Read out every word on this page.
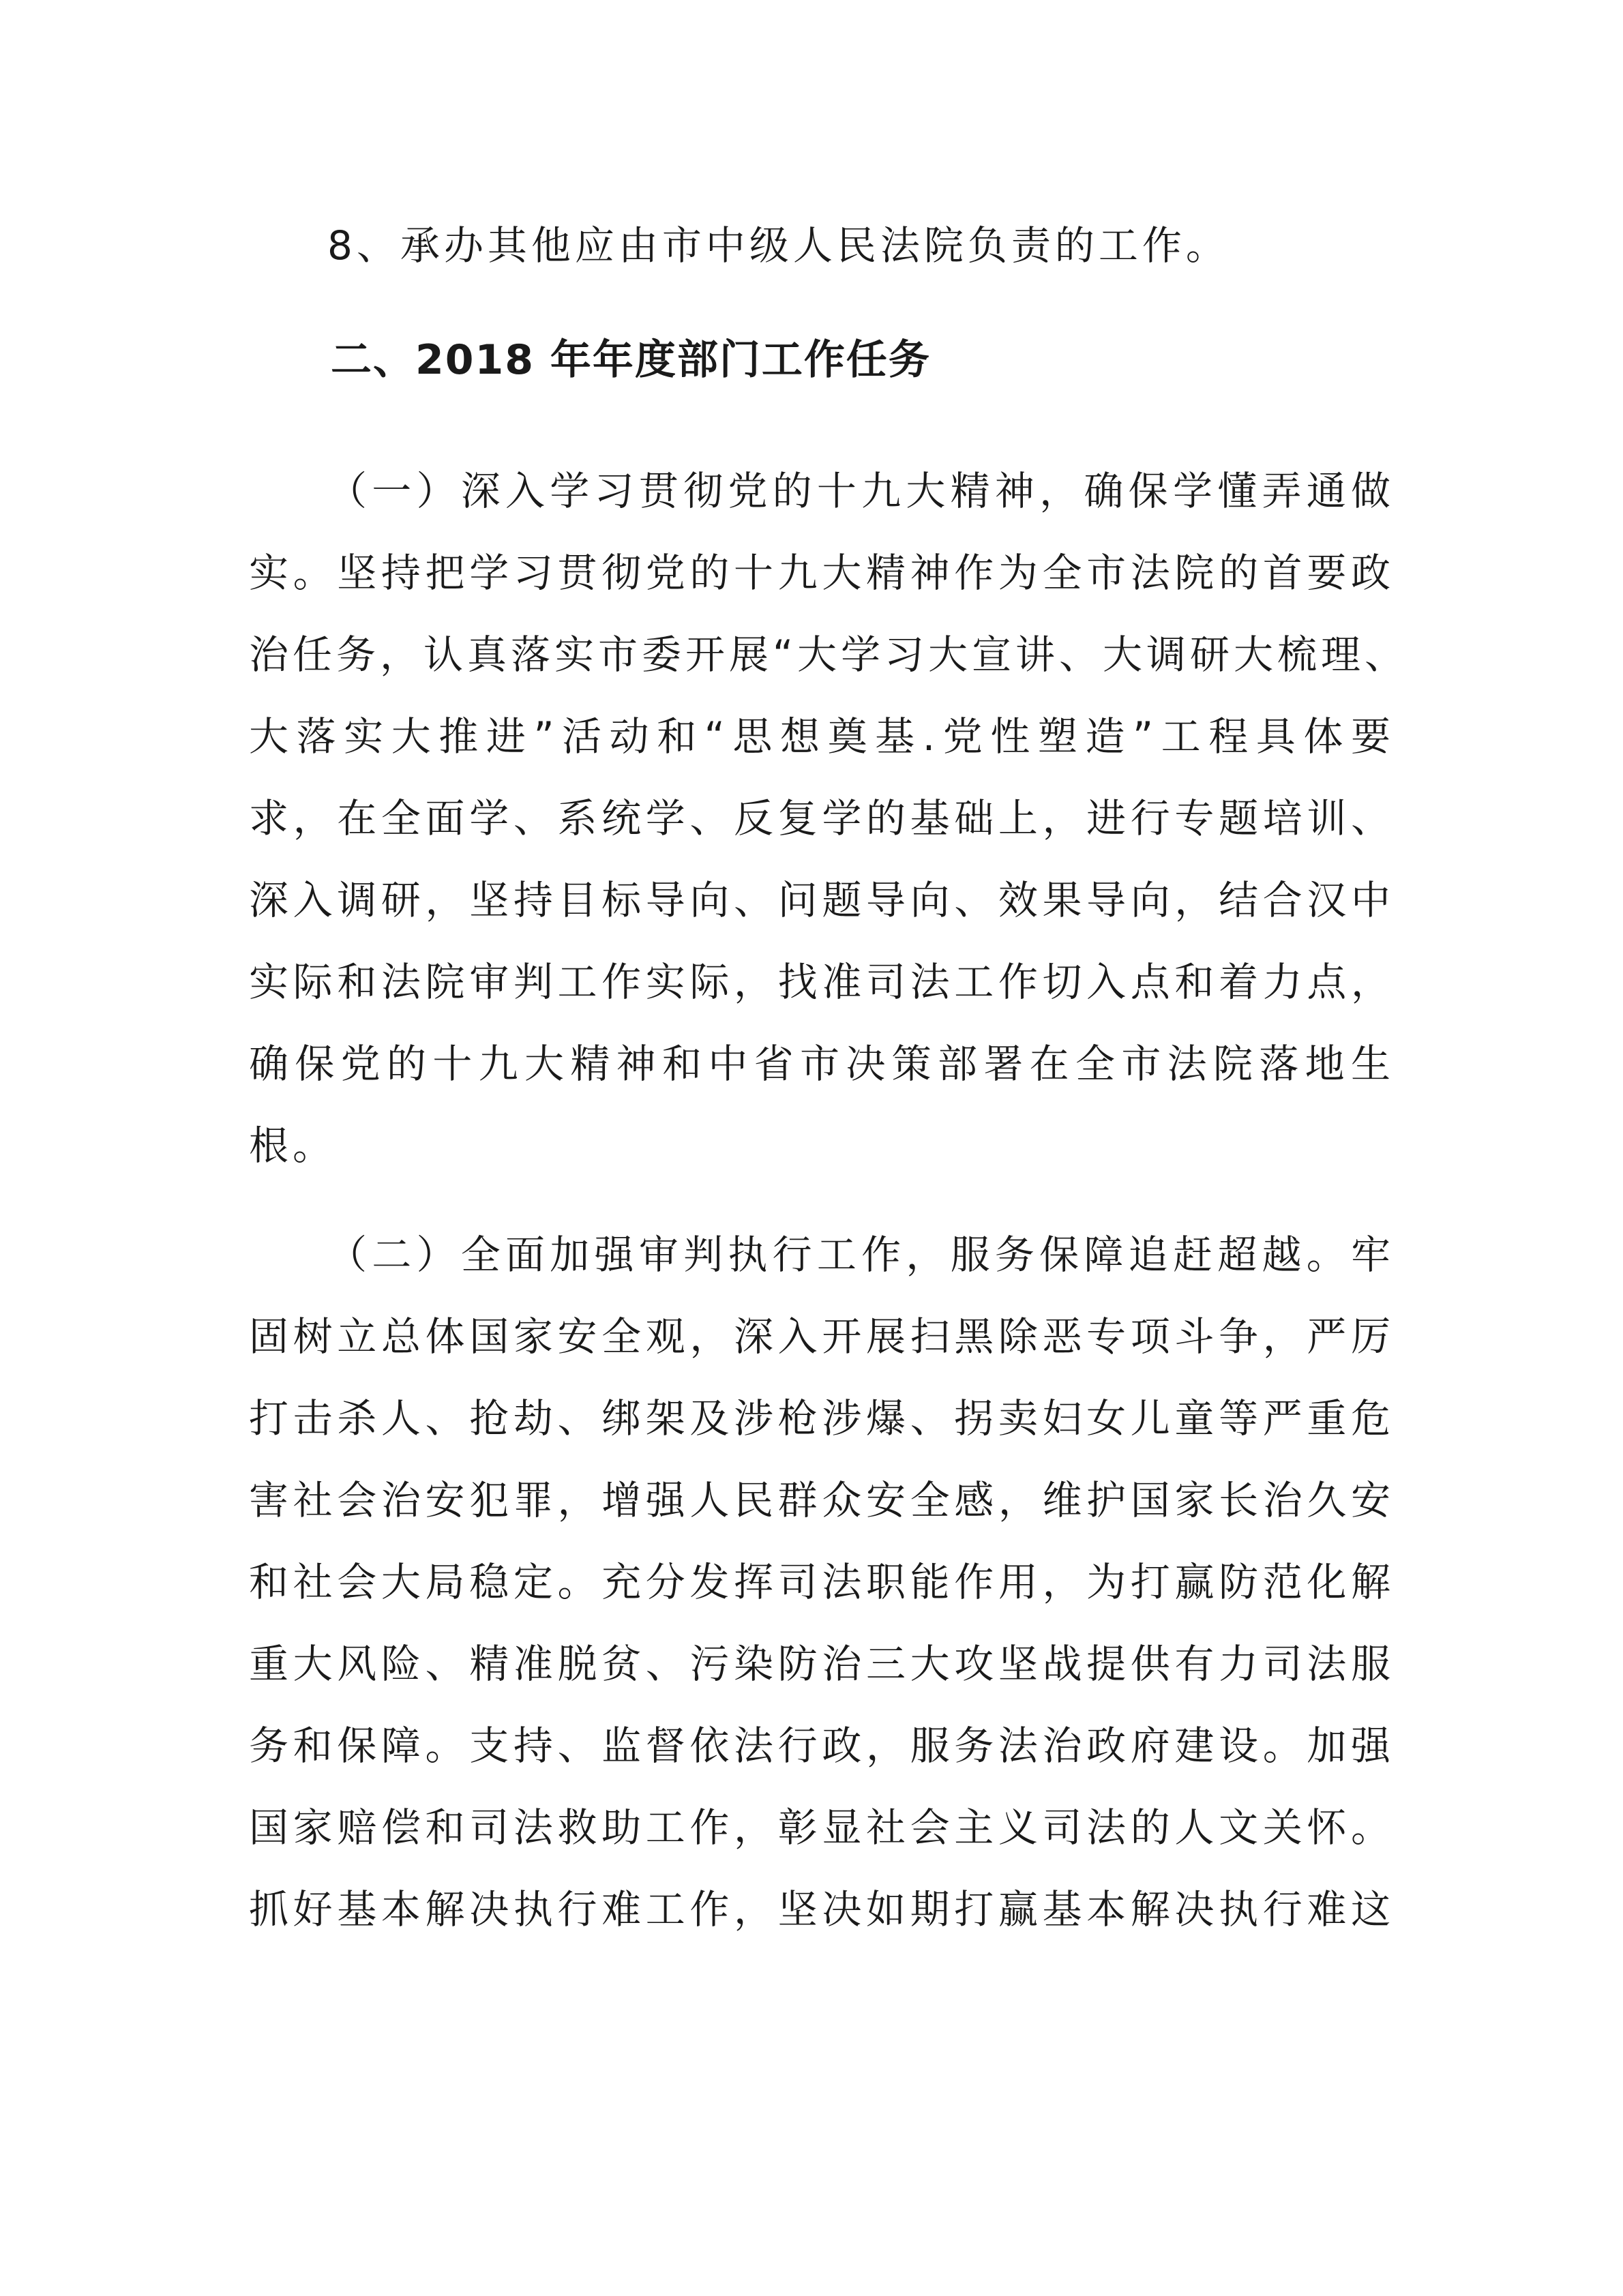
8、承办其他应由市中级人民法院负责的工作。
二、2018 年年度部门工作任务
（一）深入学习贯彻党的十九大精神，确保学懂弄通做
实。坚持把学习贯彻党的十九大精神作为全市法院的首要政
治任务，认真落实市委开展“大学习大宣讲、大调研大梳理、
大落实大推进”活动和“思想奠基.党性塑造”工程具体要
求，在全面学、系统学、反复学的基础上，进行专题培训、
深入调研，坚持目标导向、问题导向、效果导向，结合汉中
实际和法院审判工作实际，找准司法工作切入点和着力点，
确保党的十九大精神和中省市决策部署在全市法院落地生
根。
（二）全面加强审判执行工作，服务保障追赶超越。牢
固树立总体国家安全观，深入开展扫黑除恶专项斗争，严厉
打击杀人、抢劫、绑架及涉枪涉爆、拐卖妇女儿童等严重危
害社会治安犯罪，增强人民群众安全感，维护国家长治久安
和社会大局稳定。充分发挥司法职能作用，为打赢防范化解
重大风险、精准脱贫、污染防治三大攻坚战提供有力司法服
务和保障。支持、监督依法行政，服务法治政府建设。加强
国家赔偿和司法救助工作，彰显社会主义司法的人文关怀。
抓好基本解决执行难工作，坚决如期打赢基本解决执行难这
